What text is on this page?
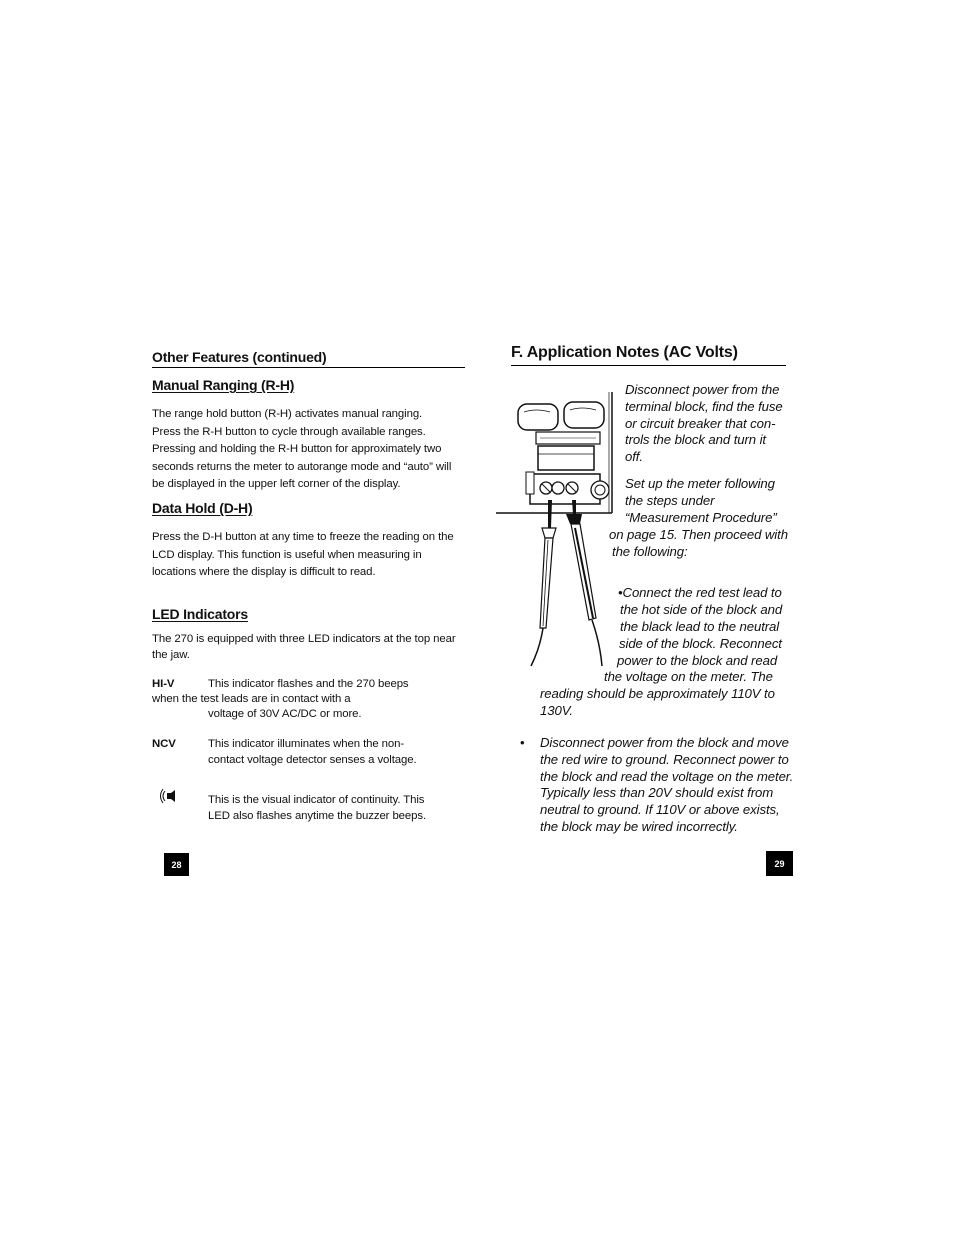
Other Features (continued)
Manual Ranging (R-H)
The range hold button (R-H) activates manual ranging.
Press the R-H button to cycle through available ranges.
Pressing and holding the R-H button for approximately two
seconds returns the meter to autorange mode and “auto” will
be displayed in the upper left corner of the display.
Data Hold (D-H)
Press the D-H button at any time to freeze the reading on the
LCD display. This function is useful when measuring in
locations where the display is difficult to read.
LED Indicators
The 270 is equipped with three LED indicators at the top near
the jaw.
HI-V	This indicator flashes and the 270 beeps
when the test leads are in contact with a
voltage of 30V AC/DC or more.
NCV	This indicator illuminates when the non-
contact voltage detector senses a voltage.
This is the visual indicator of continuity. This
LED also flashes anytime the buzzer beeps.
28
F. Application Notes (AC Volts)
Disconnect power from the
terminal block, find the fuse
or circuit breaker that con-
trols the block and turn it
off.
Set up the meter following
the steps under
“Measurement Procedure”
on page 15. Then proceed with
the following:
•Connect the red test lead to
the hot side of the block and
the black lead to the neutral
side of the block. Reconnect
power to the block and read
the voltage on the meter. The
reading should be approximately 110V to
130V.
• Disconnect power from the block and move
the red wire to ground. Reconnect power to
the block and read the voltage on the meter.
Typically less than 20V should exist from
neutral to ground. If 110V or above exists,
the block may be wired incorrectly.
29
